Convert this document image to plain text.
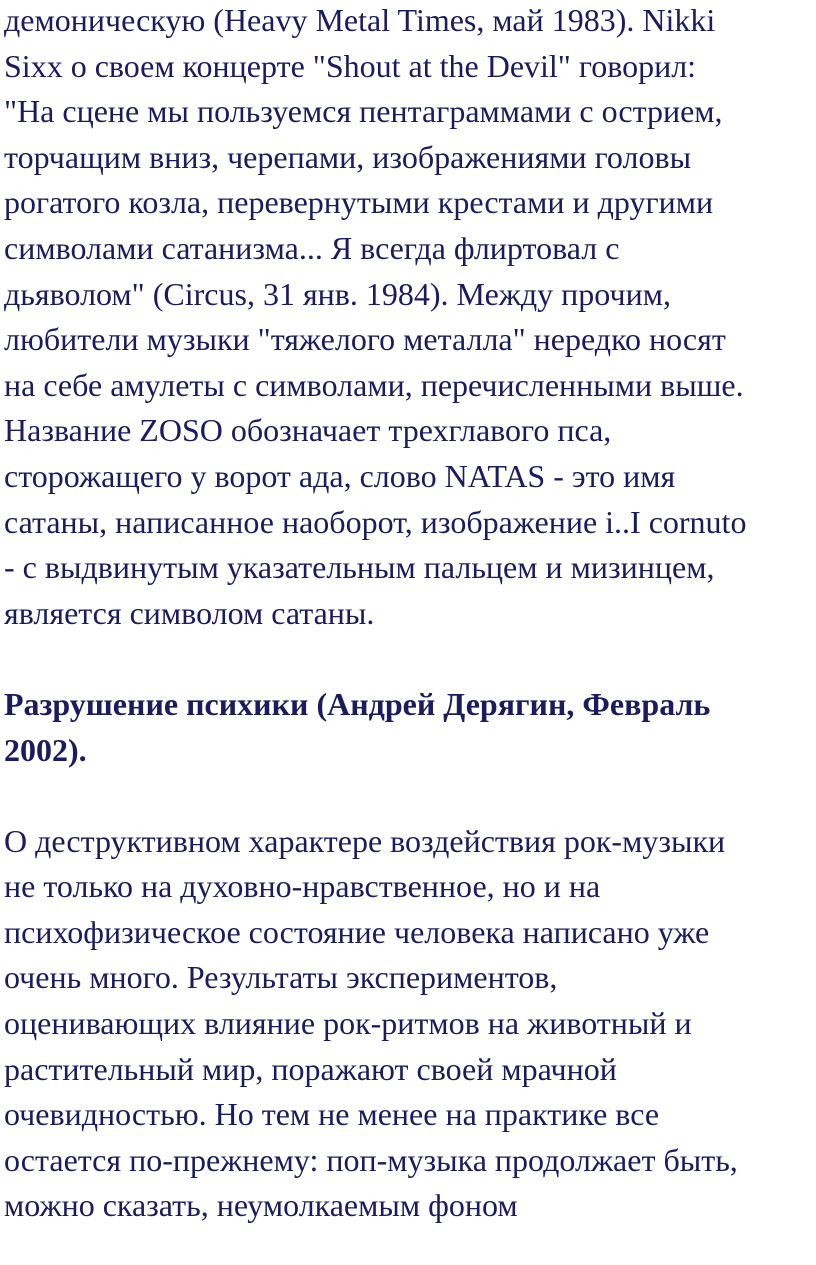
демоническую (Heavy Metal Times, май 1983). Nikki
Sixx о своем концерте "Shout at the Devil" говорил:
"На сцене мы пользуемся пентаграммами с острием,
торчащим вниз, черепами, изображениями головы
рогатого козла, перевернутыми крестами и другими
символами сатанизма... Я всегда флиртовал с
дьяволом" (Circus, 31 янв. 1984). Между прочим,
любители музыки "тяжелого металла" нередко носят
на себе амулеты с символами, перечисленными выше.
Название ZOSO обозначает трехглавого пса,
сторожащего у ворот ада, слово NATAS - это имя
сатаны, написанное наоборот, изображение i..I cornuto
- с выдвинутым указательным пальцем и мизинцем,
является символом сатаны.
Разрушение психики (Андрей Дерягин, Февраль
2002).
О деструктивном характере воздействия рок-музыки
не только на духовно-нравственное, но и на
психофизическое состояние человека написано уже
очень много. Результаты экспериментов,
оценивающих влияние рок-ритмов на животный и
растительный мир, поражают своей мрачной
очевидностью. Но тем не менее на практике все
остается по-прежнему: поп-музыка продолжает быть,
можно сказать, неумолкаемым фоном
